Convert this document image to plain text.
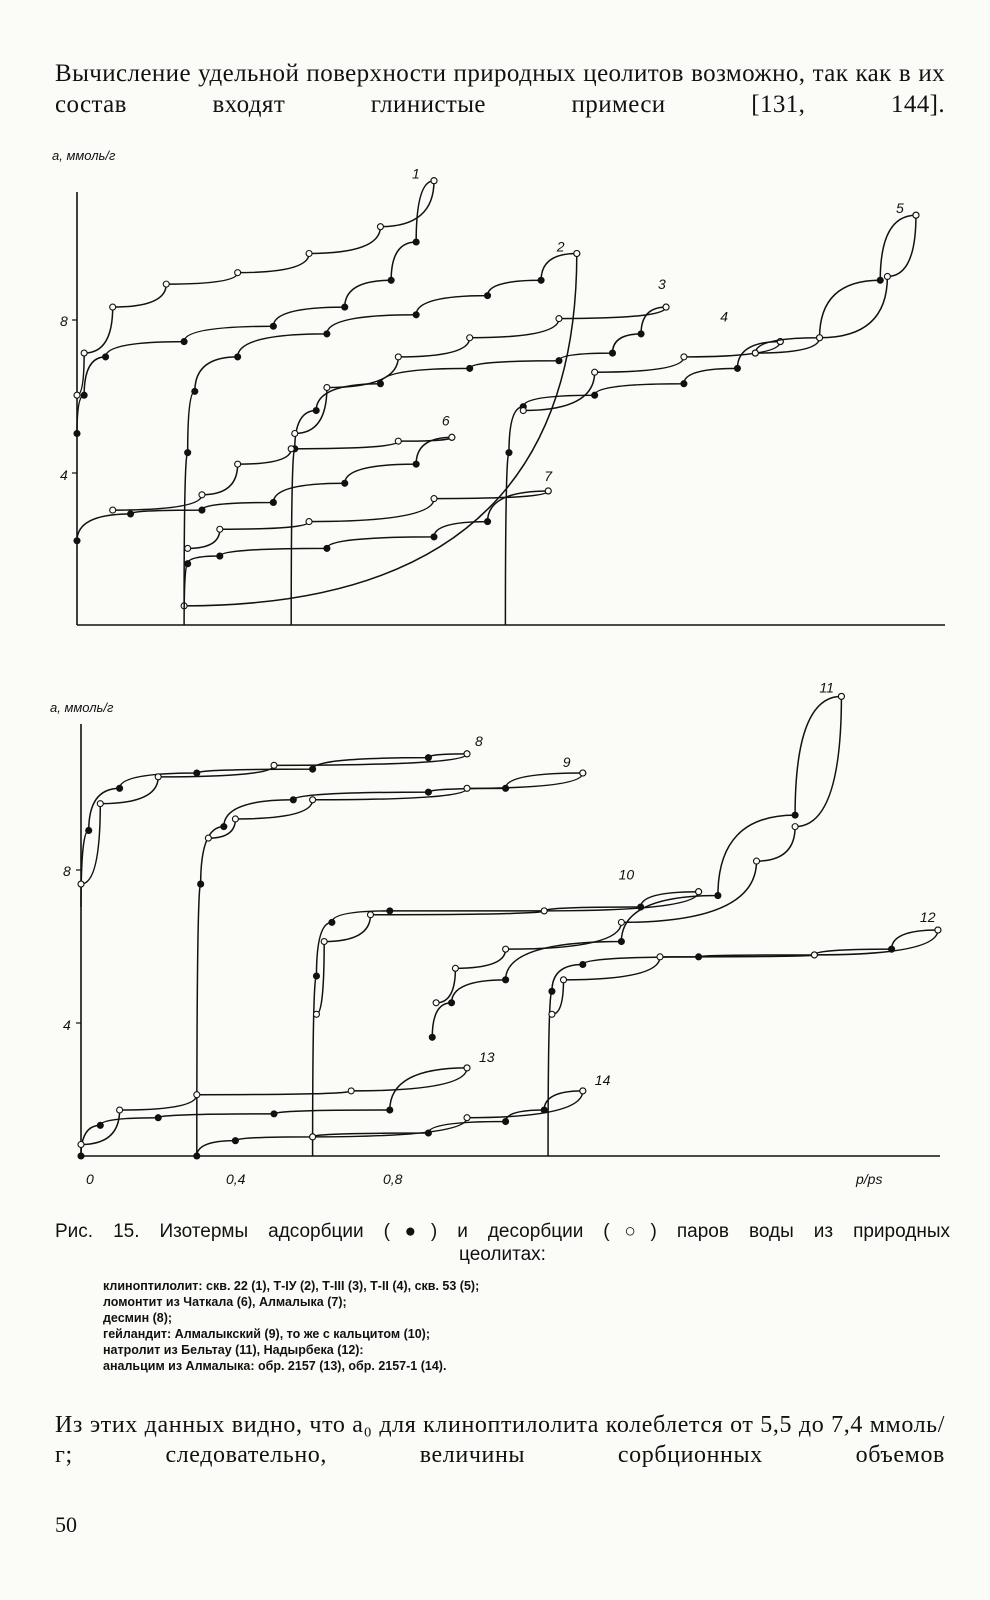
Вычисление удельной поверхности природных цеолитов возможно, так как в их состав входят глинистые примеси [131, 144].
a, ммоль/г
4
8
1
2
3
4
5
6
7
a, ммоль/г
4
8
0	0,4	0,8	p/ps
8
9
10
11
12
13
14
Рис. 15. Изотермы адсорбции (●) и десорбции (○) паров воды из природных
цеолитах:
клиноптилолит: скв. 22 (1), Т-IУ (2), Т-III (3), Т-II (4), скв. 53 (5);
ломонтит из Чаткала (6), Алмалыка (7);
десмин (8);
гейландит: Алмалыкский (9), то же с кальцитом (10);
натролит из Бельтау (11), Надырбека (12):
анальцим из Алмалыка: обр. 2157 (13), обр. 2157-1 (14).
Из этих данных видно, что a₀ для клиноптилолита колеблется от 5,5 до 7,4 ммоль/г; следовательно, величины сорбционных объемов
50
